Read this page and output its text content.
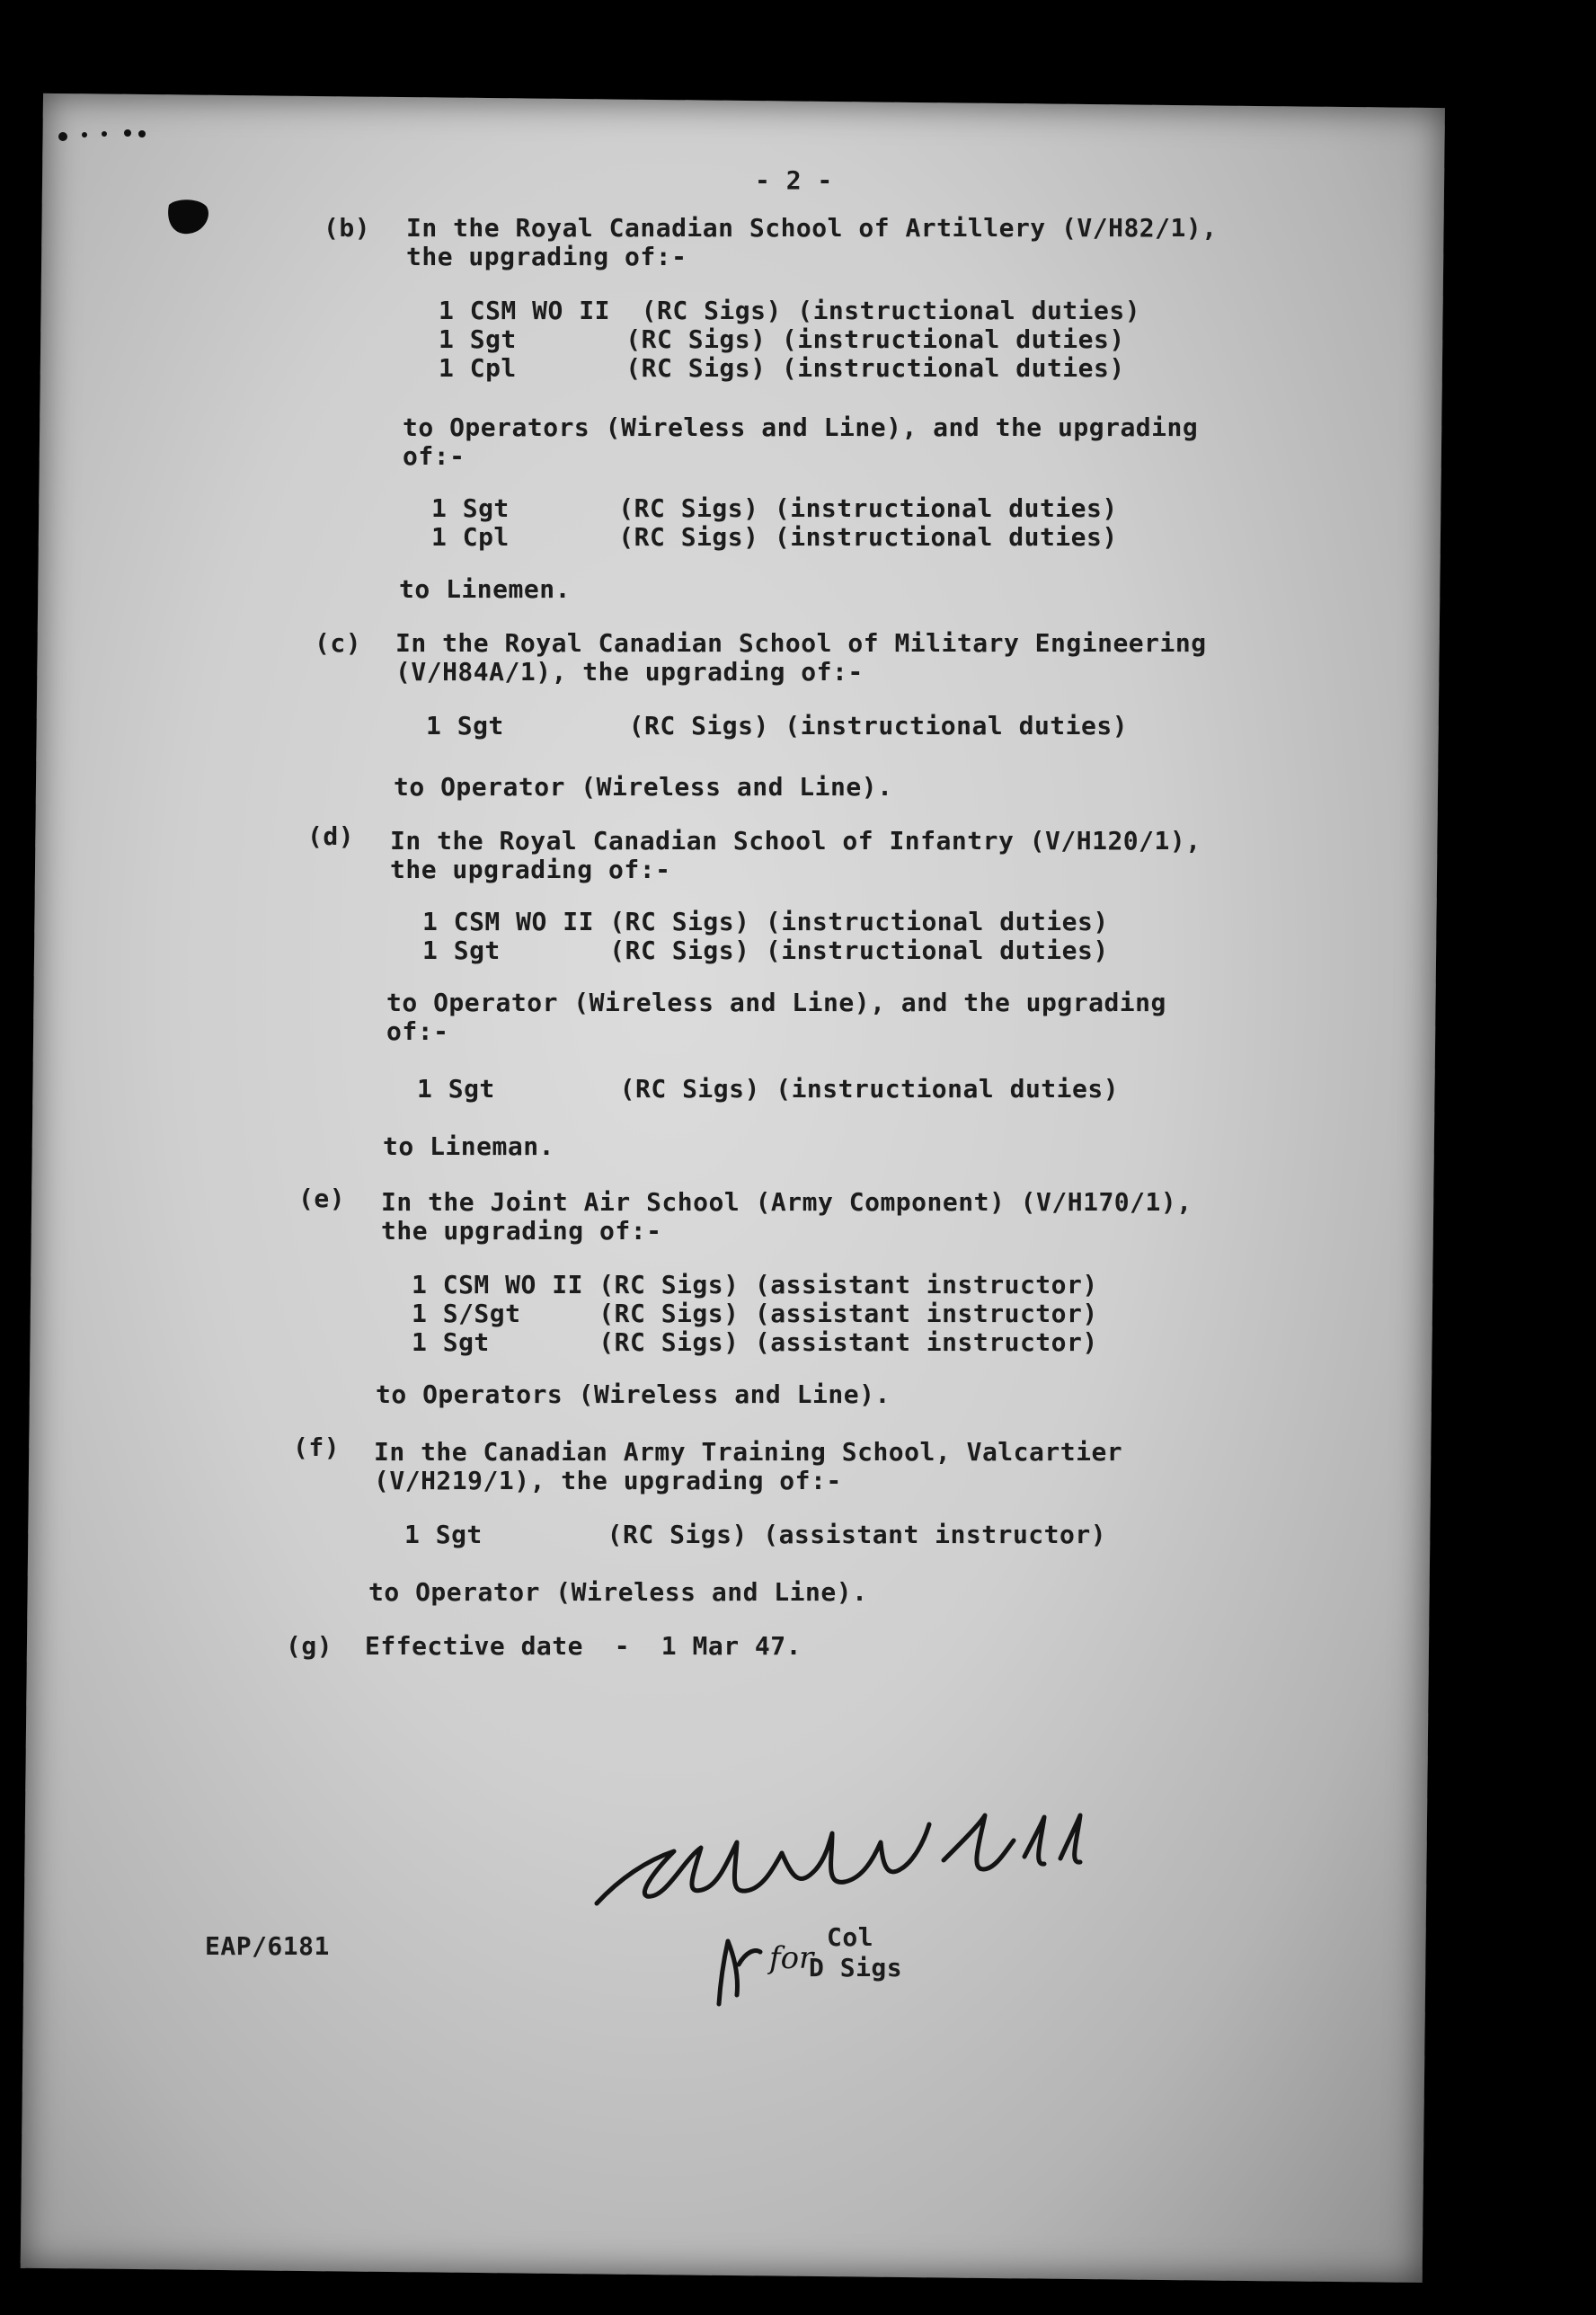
- 2 -

(b) In the Royal Canadian School of Artillery (V/H82/1),
the upgrading of:-

1 CSM WO II  (RC Sigs) (instructional duties)
1 Sgt       (RC Sigs) (instructional duties)
1 Cpl       (RC Sigs) (instructional duties)

to Operators (Wireless and Line), and the upgrading
of:-

1 Sgt       (RC Sigs) (instructional duties)
1 Cpl       (RC Sigs) (instructional duties)

to Linemen.

(c) In the Royal Canadian School of Military Engineering
(V/H84A/1), the upgrading of:-

1 Sgt        (RC Sigs) (instructional duties)

to Operator (Wireless and Line).

(d) In the Royal Canadian School of Infantry (V/H120/1),
the upgrading of:-

1 CSM WO II (RC Sigs) (instructional duties)
1 Sgt       (RC Sigs) (instructional duties)

to Operator (Wireless and Line), and the upgrading
of:-

1 Sgt        (RC Sigs) (instructional duties)

to Lineman.

(e) In the Joint Air School (Army Component) (V/H170/1),
the upgrading of:-

1 CSM WO II (RC Sigs) (assistant instructor)
1 S/Sgt     (RC Sigs) (assistant instructor)
1 Sgt       (RC Sigs) (assistant instructor)

to Operators (Wireless and Line).

(f) In the Canadian Army Training School, Valcartier
(V/H219/1), the upgrading of:-

1 Sgt        (RC Sigs) (assistant instructor)

to Operator (Wireless and Line).

(g) Effective date  -  1 Mar 47.

EAP/6181	for

Col

D Sigs
